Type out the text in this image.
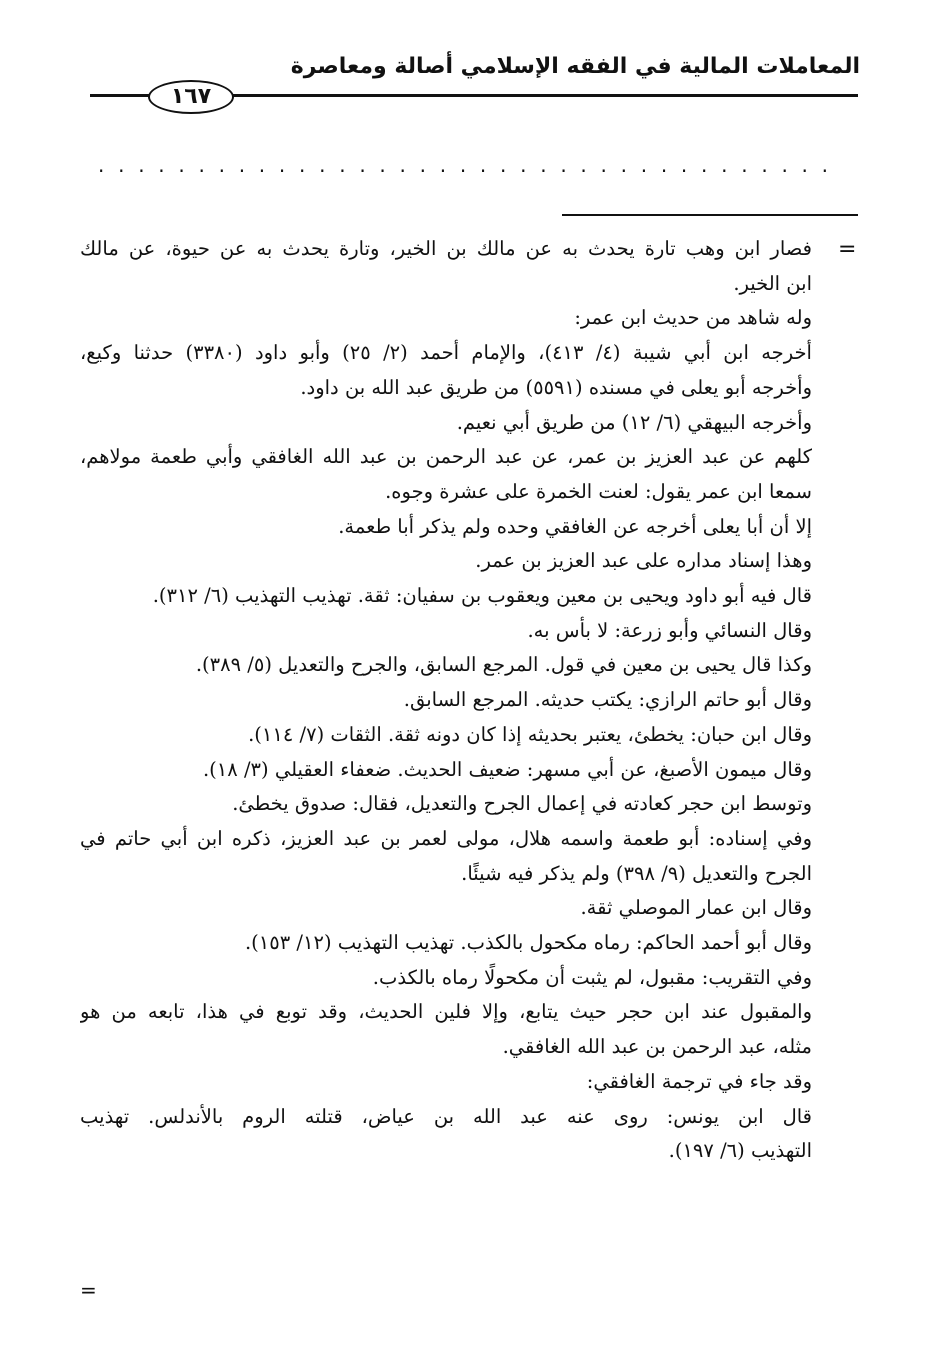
المعاملات المالية في الفقه الإسلامي أصالة ومعاصرة
١٦٧
. . . . . . . . . . . . . . . . . . . . . . . . . . . . . . . . . . . . .
=
فصار ابن وهب تارة يحدث به عن مالك بن الخير، وتارة يحدث به عن حيوة، عن مالك
ابن الخير.
وله شاهد من حديث ابن عمر:
أخرجه ابن أبي شيبة (٤/ ٤١٣)، والإمام أحمد (٢/ ٢٥) وأبو داود (٣٣٨٠) حدثنا وكيع،
وأخرجه أبو يعلى في مسنده (٥٥٩١) من طريق عبد الله بن داود.
وأخرجه البيهقي (٦/ ١٢) من طريق أبي نعيم.
كلهم عن عبد العزيز بن عمر، عن عبد الرحمن بن عبد الله الغافقي وأبي طعمة مولاهم،
سمعا ابن عمر يقول: لعنت الخمرة على عشرة وجوه.
إلا أن أبا يعلى أخرجه عن الغافقي وحده ولم يذكر أبا طعمة.
وهذا إسناد مداره على عبد العزيز بن عمر.
قال فيه أبو داود ويحيى بن معين ويعقوب بن سفيان: ثقة. تهذيب التهذيب (٦/ ٣١٢).
وقال النسائي وأبو زرعة: لا بأس به.
وكذا قال يحيى بن معين في قول. المرجع السابق، والجرح والتعديل (٥/ ٣٨٩).
وقال أبو حاتم الرازي: يكتب حديثه. المرجع السابق.
وقال ابن حبان: يخطئ، يعتبر بحديثه إذا كان دونه ثقة. الثقات (٧/ ١١٤).
وقال ميمون الأصبغ، عن أبي مسهر: ضعيف الحديث. ضعفاء العقيلي (٣/ ١٨).
وتوسط ابن حجر كعادته في إعمال الجرح والتعديل، فقال: صدوق يخطئ.
وفي إسناده: أبو طعمة واسمه هلال، مولى لعمر بن عبد العزيز، ذكره ابن أبي حاتم في
الجرح والتعديل (٩/ ٣٩٨) ولم يذكر فيه شيئًا.
وقال ابن عمار الموصلي ثقة.
وقال أبو أحمد الحاكم: رماه مكحول بالكذب. تهذيب التهذيب (١٢/ ١٥٣).
وفي التقريب: مقبول، لم يثبت أن مكحولًا رماه بالكذب.
والمقبول عند ابن حجر حيث يتابع، وإلا فلين الحديث، وقد توبع في هذا، تابعه من هو
مثله، عبد الرحمن بن عبد الله الغافقي.
وقد جاء في ترجمة الغافقي:
قال ابن يونس: روى عنه عبد الله بن عياض، قتلته الروم بالأندلس. تهذيب
التهذيب (٦/ ١٩٧).
=
